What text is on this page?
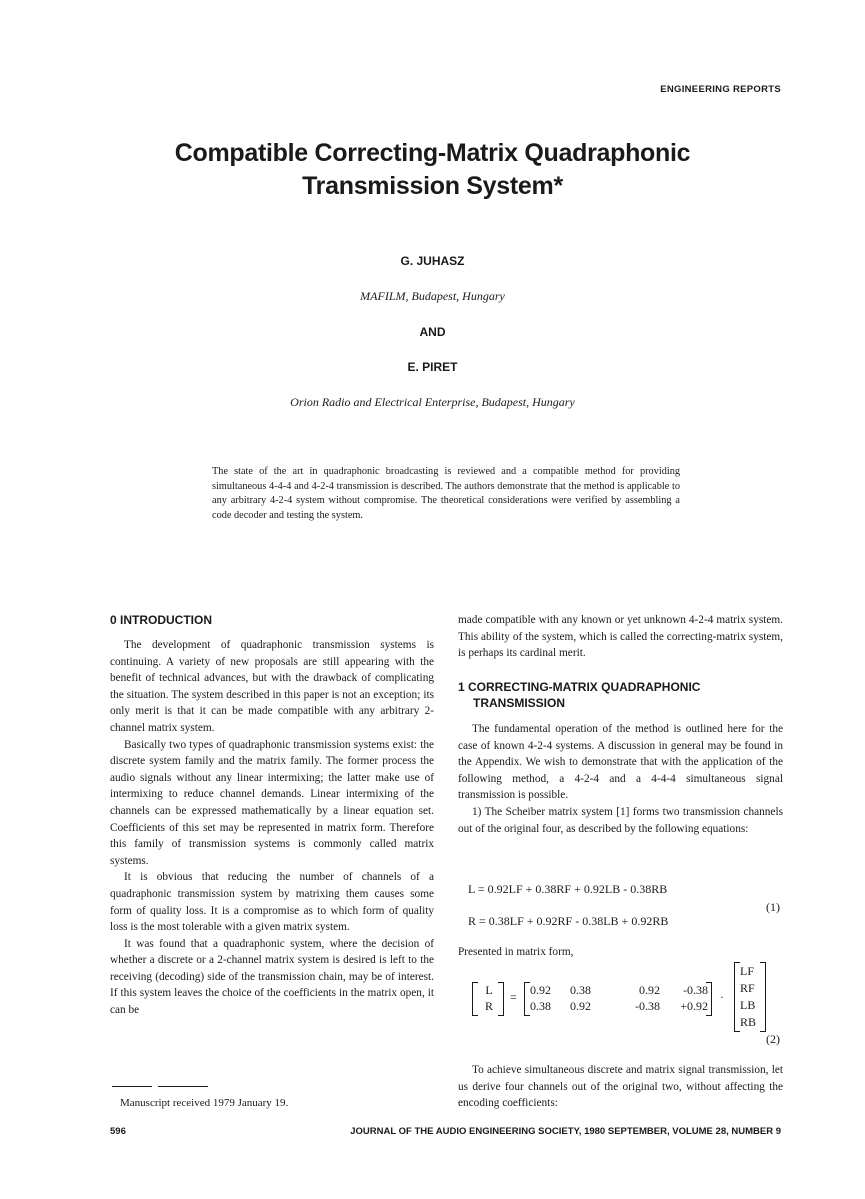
ENGINEERING REPORTS
Compatible Correcting-Matrix Quadraphonic
Transmission System*
G. JUHASZ
MAFILM, Budapest, Hungary
AND
E. PIRET
Orion Radio and Electrical Enterprise, Budapest, Hungary
The state of the art in quadraphonic broadcasting is reviewed and a compatible method for providing simultaneous 4-4-4 and 4-2-4 transmission is described. The authors demonstrate that the method is applicable to any arbitrary 4-2-4 system without compromise. The theoretical considerations were verified by assembling a code decoder and testing the system.
0 INTRODUCTION

The development of quadraphonic transmission systems is continuing. A variety of new proposals are still appearing with the benefit of technical advances, but with the drawback of complicating the situation. The system described in this paper is not an exception; its only merit is that it can be made compatible with any arbitrary 2-channel matrix system.

Basically two types of quadraphonic transmission systems exist: the discrete system family and the matrix family. The former process the audio signals without any linear intermixing; the latter make use of intermixing to reduce channel demands. Linear intermixing of the channels can be expressed mathematically by a linear equation set. Coefficients of this set may be represented in matrix form. Therefore this family of transmission systems is commonly called matrix systems.

It is obvious that reducing the number of channels of a quadraphonic transmission system by matrixing them causes some form of quality loss. It is a compromise as to which form of quality loss is the most tolerable with a given matrix system.

It was found that a quadraphonic system, where the decision of whether a discrete or a 2-channel matrix system is desired is left to the receiving (decoding) side of the transmission chain, may be of interest. If this system leaves the choice of the coefficients in the matrix open, it can be

Manuscript received 1979 January 19.

made compatible with any known or yet unknown 4-2-4 matrix system. This ability of the system, which is called the correcting-matrix system, is perhaps its cardinal merit.

1 CORRECTING-MATRIX QUADRAPHONIC
TRANSMISSION

The fundamental operation of the method is outlined here for the case of known 4-2-4 systems. A discussion in general may be found in the Appendix. We wish to demonstrate that with the application of the following method, a 4-2-4 and a 4-4-4 simultaneous signal transmission is possible.

1) The Scheiber matrix system [1] forms two transmission channels out of the original four, as described by the following equations:

L = 0.92LF + 0.38RF + 0.92LB - 0.38RB
R = 0.38LF + 0.92RF - 0.38LB + 0.92RB
(1)
Presented in matrix form,
L
R
= 0.92	0.38	0.92	-0.38
0.38	0.92	-0.38	+0.92
·
LF
RF
LB
RB
(2)

To achieve simultaneous discrete and matrix signal transmission, let us derive four channels out of the original two, without affecting the encoding coefficients:

596	JOURNAL OF THE AUDIO ENGINEERING SOCIETY, 1980 SEPTEMBER, VOLUME 28, NUMBER 9
